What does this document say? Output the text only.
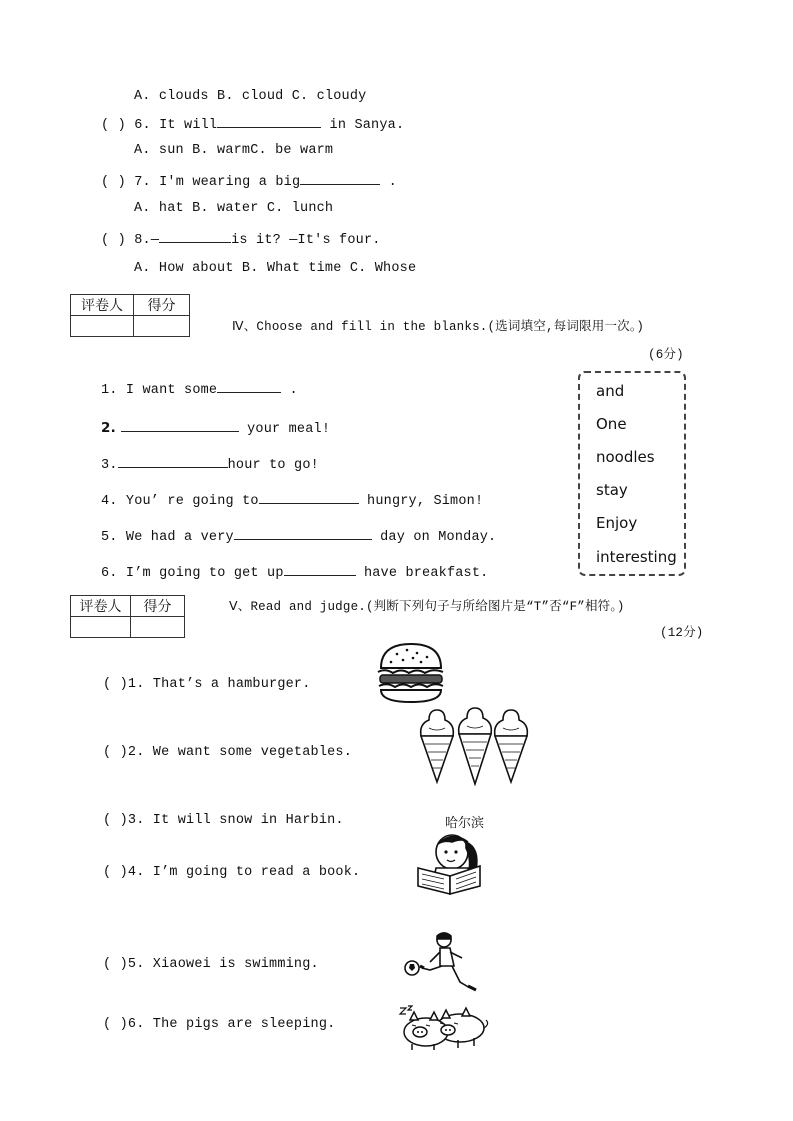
A. clouds B. cloud C. cloudy
( ) 6. It will	in Sanya.
A. sun B. warmC. be warm
( ) 7. I'm wearing a big	.
A. hat B. water C. lunch
( ) 8.—	is it? —It's four.
A. How about B. What time C. Whose
评卷人	得分

Ⅳ、Choose and fill in the blanks.(选词填空,每词限用一次。)
(6分)
1. I want some	.
2.	your meal!
3.	hour to go!
4. You’ re going to	hungry, Simon!
5. We had a very	day on Monday.
6. I’m going to get up	have breakfast.
and
One
noodles
stay
Enjoy
interesting
评卷人	得分
		Ⅴ、Read and judge.(判断下列句子与所给图片是“T”否“F”相符。)
(12分)
( )1. That’s a hamburger.
( )2. We want some vegetables.
( )3. It will snow in Harbin.
( )4. I’m going to read a book.
( )5. Xiaowei is swimming.
( )6. The pigs are sleeping.
哈尔滨
